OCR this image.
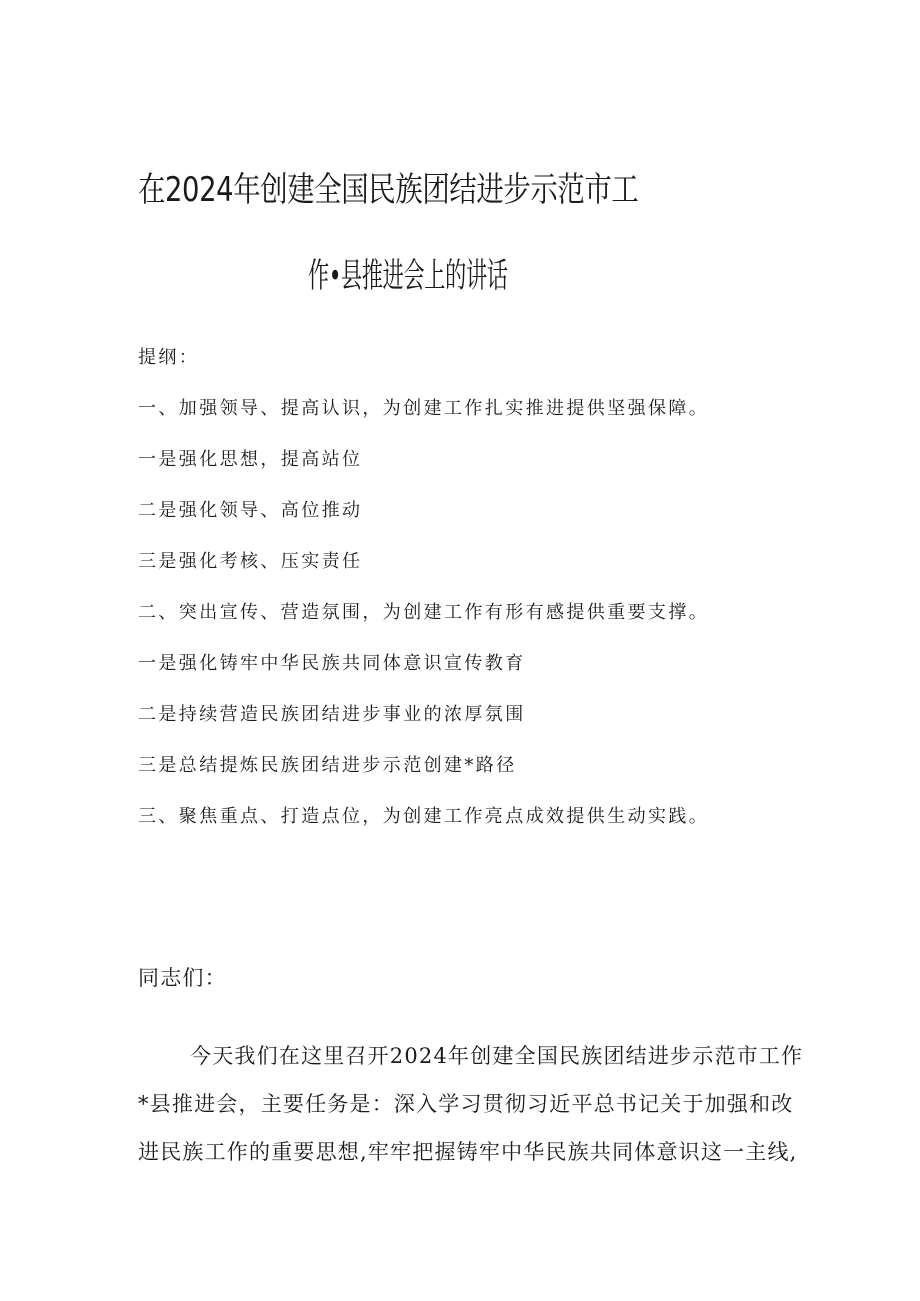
在2024年创建全国民族团结进步示范市工
作•县推进会上的讲话
提纲：
一、加强领导、提高认识，为创建工作扎实推进提供坚强保障。
一是强化思想，提高站位
二是强化领导、高位推动
三是强化考核、压实责任
二、突出宣传、营造氛围，为创建工作有形有感提供重要支撑。
一是强化铸牢中华民族共同体意识宣传教育
二是持续营造民族团结进步事业的浓厚氛围
三是总结提炼民族团结进步示范创建*路径
三、聚焦重点、打造点位，为创建工作亮点成效提供生动实践。
同志们：
今天我们在这里召开2024年创建全国民族团结进步示范市工作
*县推进会，主要任务是：深入学习贯彻习近平总书记关于加强和改
进民族工作的重要思想,牢牢把握铸牢中华民族共同体意识这一主线,
